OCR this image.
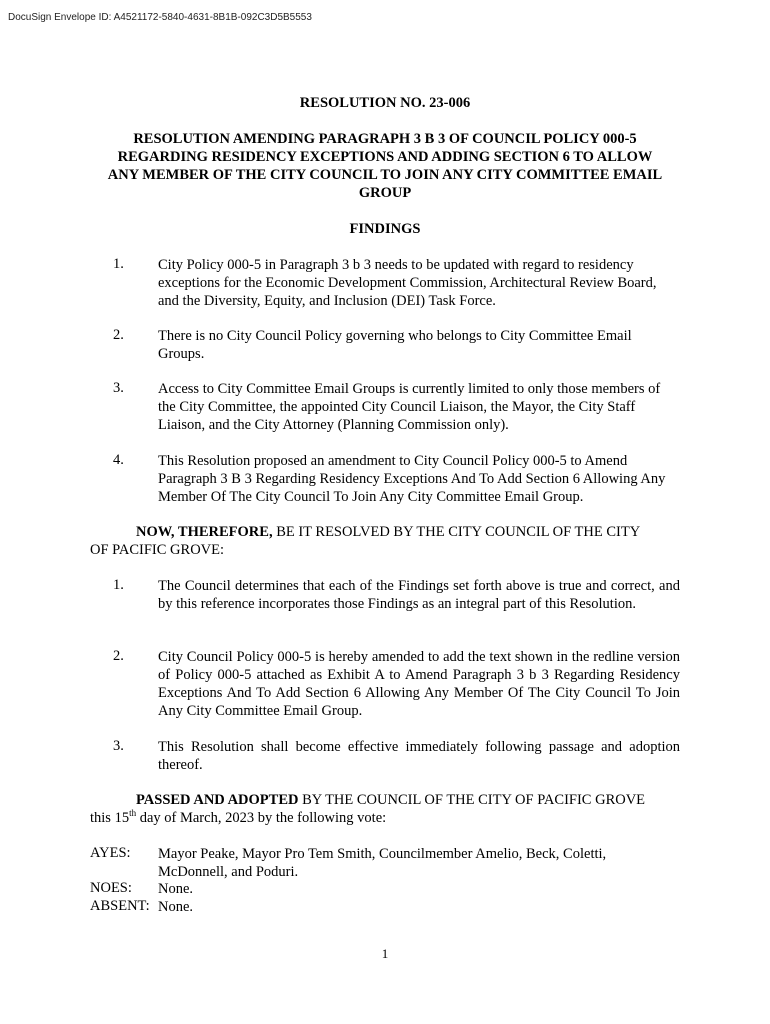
DocuSign Envelope ID: A4521172-5840-4631-8B1B-092C3D5B5553
RESOLUTION NO. 23-006
RESOLUTION AMENDING PARAGRAPH 3 B 3 OF COUNCIL POLICY 000-5
REGARDING RESIDENCY EXCEPTIONS AND ADDING SECTION 6 TO ALLOW
ANY MEMBER OF THE CITY COUNCIL TO JOIN ANY CITY COMMITTEE EMAIL
GROUP
FINDINGS
1. City Policy 000-5 in Paragraph 3 b 3 needs to be updated with regard to residency exceptions for the Economic Development Commission, Architectural Review Board, and the Diversity, Equity, and Inclusion (DEI) Task Force.
2. There is no City Council Policy governing who belongs to City Committee Email Groups.
3. Access to City Committee Email Groups is currently limited to only those members of the City Committee, the appointed City Council Liaison, the Mayor, the City Staff Liaison, and the City Attorney (Planning Commission only).
4. This Resolution proposed an amendment to City Council Policy 000-5 to Amend Paragraph 3 B 3 Regarding Residency Exceptions And To Add Section 6 Allowing Any Member Of The City Council To Join Any City Committee Email Group.
NOW, THEREFORE, BE IT RESOLVED BY THE CITY COUNCIL OF THE CITY
OF PACIFIC GROVE:
1. The Council determines that each of the Findings set forth above is true and correct, and by this reference incorporates those Findings as an integral part of this Resolution.
2. City Council Policy 000-5 is hereby amended to add the text shown in the redline version of Policy 000-5 attached as Exhibit A to Amend Paragraph 3 b 3 Regarding Residency Exceptions And To Add Section 6 Allowing Any Member Of The City Council To Join Any City Committee Email Group.
3. This Resolution shall become effective immediately following passage and adoption thereof.
PASSED AND ADOPTED BY THE COUNCIL OF THE CITY OF PACIFIC GROVE
this 15th day of March, 2023 by the following vote:
AYES: Mayor Peake, Mayor Pro Tem Smith, Councilmember Amelio, Beck, Coletti, McDonnell, and Poduri.
NOES: None.
ABSENT: None.
1
